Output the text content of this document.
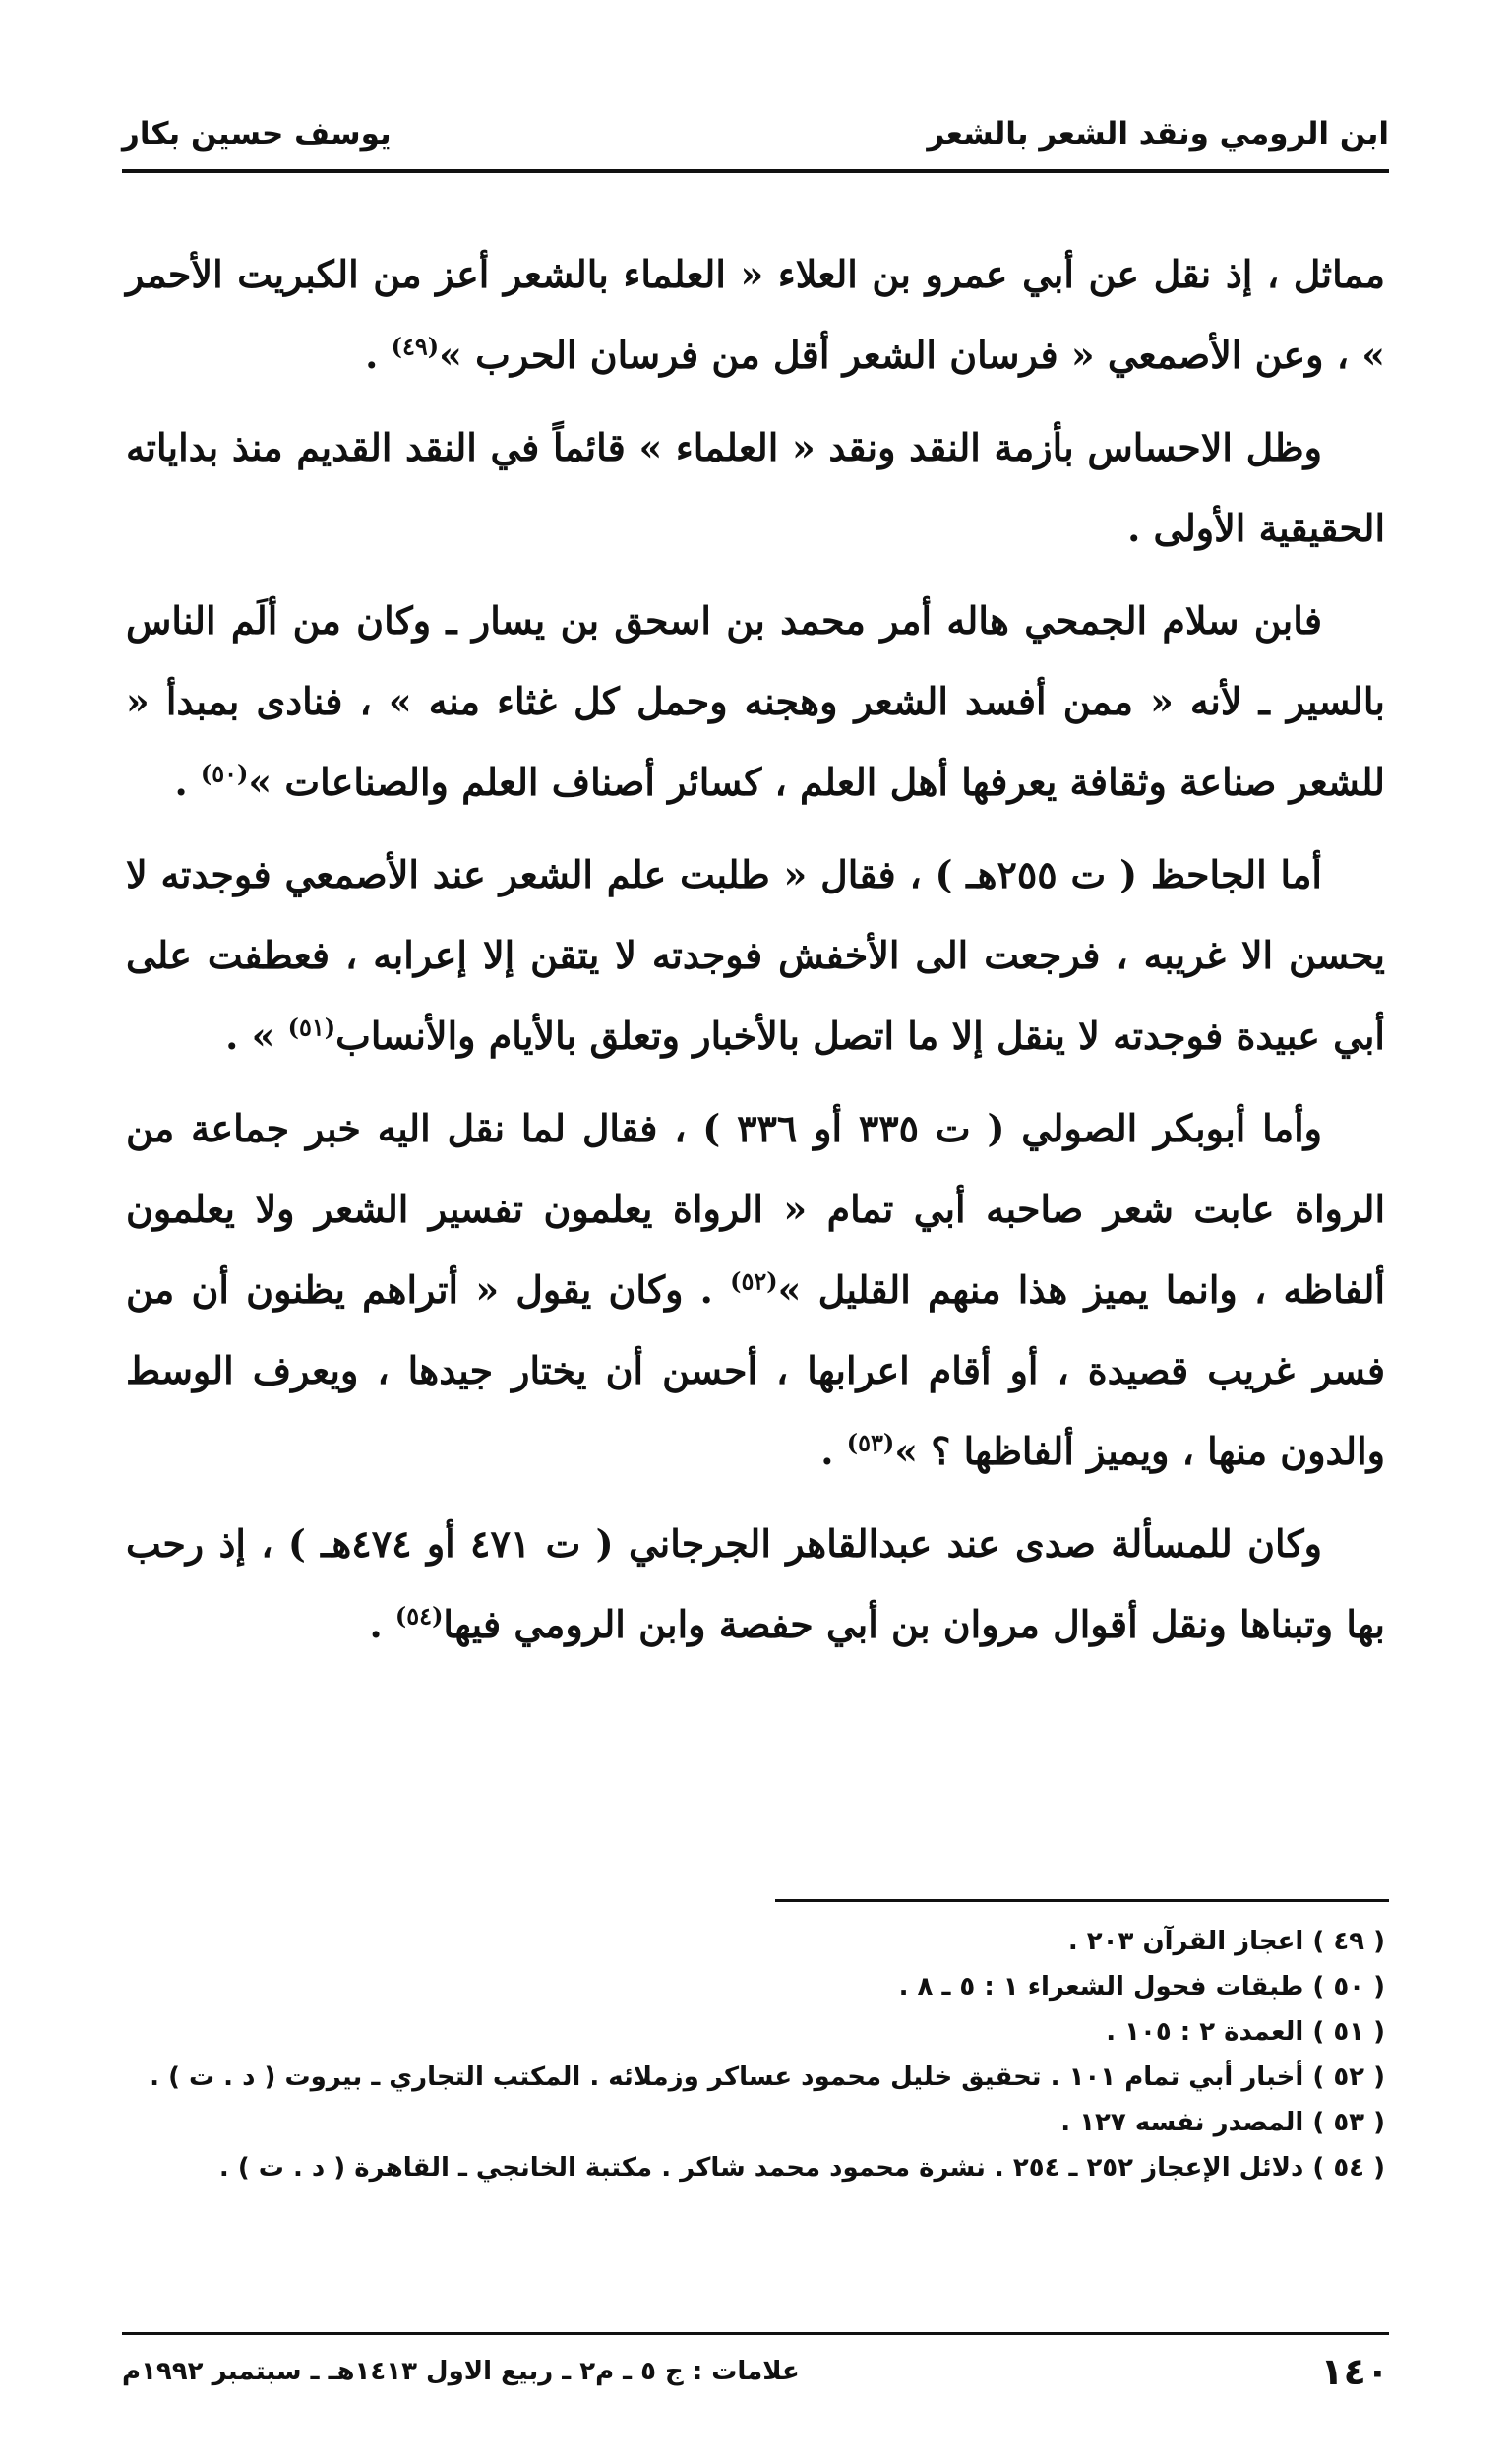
ابن الرومي ونقد الشعر بالشعر
يوسف حسين بكار

مماثل ، إذ نقل عن أبي عمرو بن العلاء « العلماء بالشعر أعز من الكبريت الأحمر » ، وعن الأصمعي « فرسان الشعر أقل من فرسان الحرب »$^{(٤٩)}$ .

وظل الاحساس بأزمة النقد ونقد « العلماء » قائماً في النقد القديم منذ بداياته الحقيقية الأولى .

فابن سلام الجمحي هاله أمر محمد بن اسحق بن يسار ـ وكان من ألَم الناس بالسير ـ لأنه « ممن أفسد الشعر وهجنه وحمل كل غثاء منه » ، فنادى بمبدأ « للشعر صناعة وثقافة يعرفها أهل العلم ، كسائر أصناف العلم والصناعات »$^{(٥٠)}$ .

أما الجاحظ ( ت ٢٥٥هـ ) ، فقال « طلبت علم الشعر عند الأصمعي فوجدته لا يحسن الا غريبه ، فرجعت الى الأخفش فوجدته لا يتقن إلا إعرابه ، فعطفت على أبي عبيدة فوجدته لا ينقل إلا ما اتصل بالأخبار وتعلق بالأيام والأنساب$^{(٥١)}$ » .

وأما أبوبكر الصولي ( ت ٣٣٥ أو ٣٣٦ ) ، فقال لما نقل اليه خبر جماعة من الرواة عابت شعر صاحبه أبي تمام « الرواة يعلمون تفسير الشعر ولا يعلمون ألفاظه ، وانما يميز هذا منهم القليل »$^{(٥٢)}$ . وكان يقول « أتراهم يظنون أن من فسر غريب قصيدة ، أو أقام اعرابها ، أحسن أن يختار جيدها ، ويعرف الوسط والدون منها ، ويميز ألفاظها ؟ »$^{(٥٣)}$ .

وكان للمسألة صدى عند عبدالقاهر الجرجاني ( ت ٤٧١ أو ٤٧٤هـ ) ، إذ رحب بها وتبناها ونقل أقوال مروان بن أبي حفصة وابن الرومي فيها$^{(٥٤)}$ .

( ٤٩ ) اعجاز القرآن ٢٠٣ .

( ٥٠ ) طبقات فحول الشعراء ١ : ٥ ـ ٨ .

( ٥١ ) العمدة ٢ : ١٠٥ .

( ٥٢ ) أخبار أبي تمام ١٠١ . تحقيق خليل محمود عساكر وزملائه . المكتب التجاري ـ بيروت ( د . ت ) .

( ٥٣ ) المصدر نفسه ١٢٧ .

( ٥٤ ) دلائل الإعجاز ٢٥٢ ـ ٢٥٤ . نشرة محمود محمد شاكر . مكتبة الخانجي ـ القاهرة ( د . ت ) .

١٤٠
علامات : ج ٥ ـ م٢ ـ ربيع الاول ١٤١٣هـ ـ سبتمبر ١٩٩٢م
